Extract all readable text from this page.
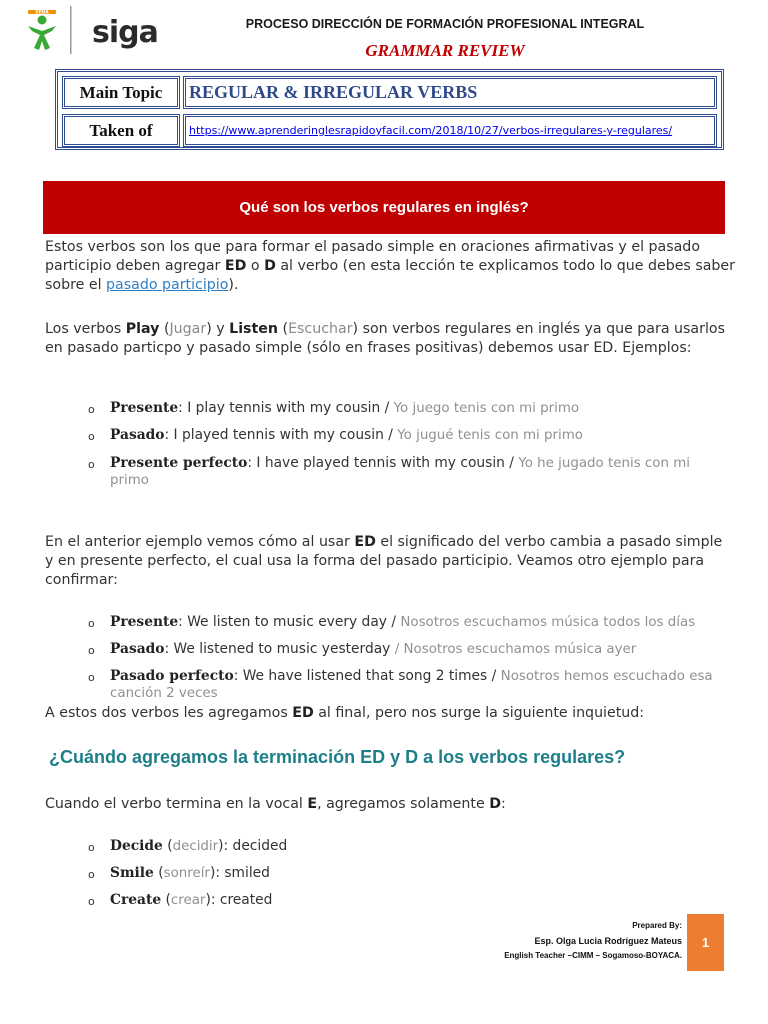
SENA
siga	PROCESO DIRECCIÓN DE FORMACIÓN PROFESIONAL INTEGRAL
GRAMMAR REVIEW
Main Topic	REGULAR & IRREGULAR VERBS
Taken of	https://www.aprenderinglesrapidoyfacil.com/2018/10/27/verbos-irregulares-y-regulares/
Qué son los verbos regulares en inglés?
Estos verbos son los que para formar el pasado simple en oraciones afirmativas y el pasado participio deben agregar ED o D al verbo (en esta lección te explicamos todo lo que debes saber sobre el pasado participio).
Los verbos Play (Jugar) y Listen (Escuchar) son verbos regulares en inglés ya que para usarlos en pasado particpo y pasado simple (sólo en frases positivas) debemos usar ED. Ejemplos:
o Presente: I play tennis with my cousin / Yo juego tenis con mi primo
o Pasado: I played tennis with my cousin / Yo jugué tenis con mi primo
o Presente perfecto: I have played tennis with my cousin / Yo he jugado tenis con mi primo
En el anterior ejemplo vemos cómo al usar ED el significado del verbo cambia a pasado simple y en presente perfecto, el cual usa la forma del pasado participio. Veamos otro ejemplo para confirmar:
o Presente: We listen to music every day / Nosotros escuchamos música todos los días
o Pasado: We listened to music yesterday / Nosotros escuchamos música ayer
o Pasado perfecto: We have listened that song 2 times / Nosotros hemos escuchado esa canción 2 veces
A estos dos verbos les agregamos ED al final, pero nos surge la siguiente inquietud:
¿Cuándo agregamos la terminación ED y D a los verbos regulares?
Cuando el verbo termina en la vocal E, agregamos solamente D:
o Decide (decidir): decided
o Smile (sonreír): smiled
o Create (crear): created
Prepared By:
Esp. Olga Lucia Rodríguez Mateus
English Teacher –CIMM – Sogamoso-BOYACA.
1
